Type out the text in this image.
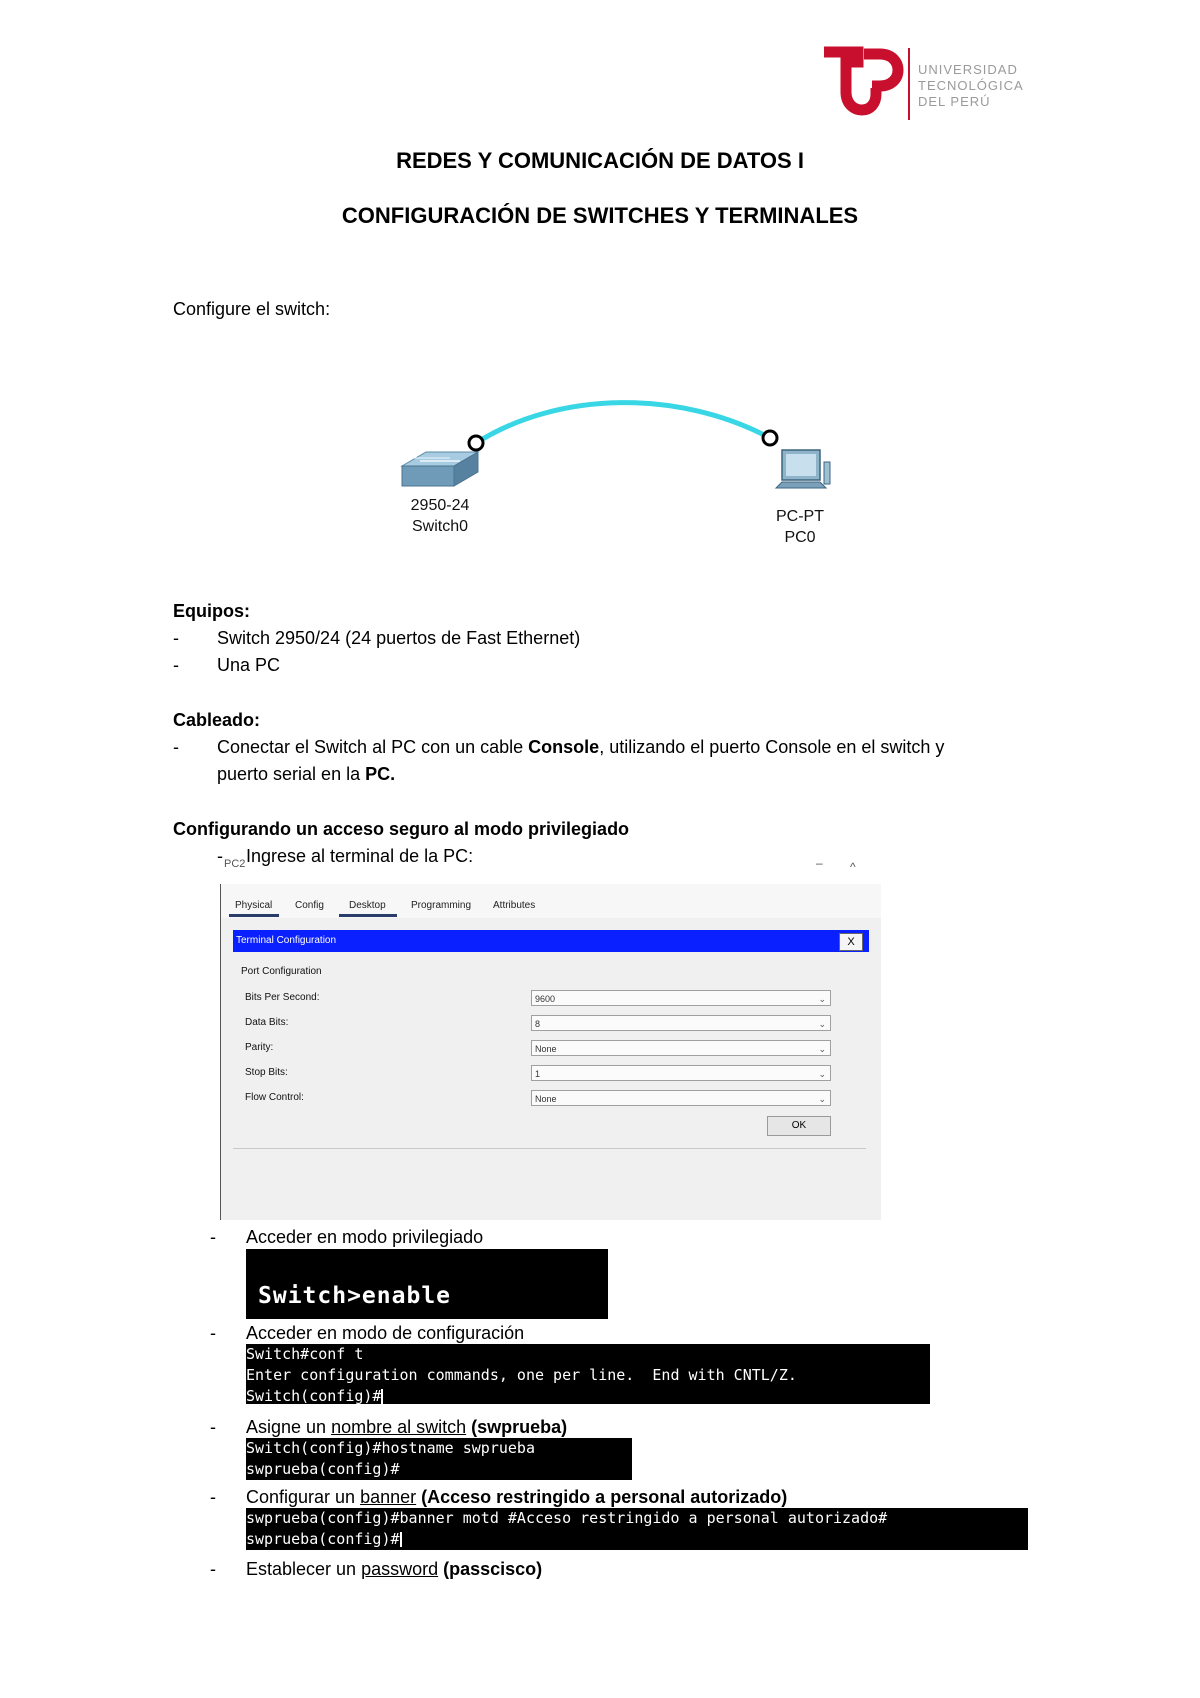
UNIVERSIDAD
TECNOLÓGICA
DEL PERÚ
REDES Y COMUNICACIÓN DE DATOS I
CONFIGURACIÓN DE SWITCHES Y TERMINALES
Configure el switch:
2950-24
Switch0
PC-PT
PC0
Equipos:
- Switch 2950/24 (24 puertos de Fast Ethernet)
- Una PC
Cableado:
- Conectar el Switch al PC con un cable Console, utilizando el puerto Console en el switch y
puerto serial en la PC.
Configurando un acceso seguro al modo privilegiado
- Ingrese al terminal de la PC:
PC2	– ^
Physical Config	Desktop	Programming Attributes
Terminal Configuration	X
Port Configuration
Bits Per Second:	9600	⌄
Data Bits:	8	⌄
Parity:	None	⌄
Stop Bits:	1	⌄
Flow Control:	None	⌄
OK
- Acceder en modo privilegiado
Switch>enable
- Acceder en modo de configuración
Switch#conf t
Enter configuration commands, one per line.  End with CNTL/Z.
Switch(config)#
- Asigne un nombre al switch (swprueba)
Switch(config)#hostname swprueba
swprueba(config)#
- Configurar un banner (Acceso restringido a personal autorizado)
swprueba(config)#banner motd #Acceso restringido a personal autorizado#
swprueba(config)#
- Establecer un password (passcisco)
